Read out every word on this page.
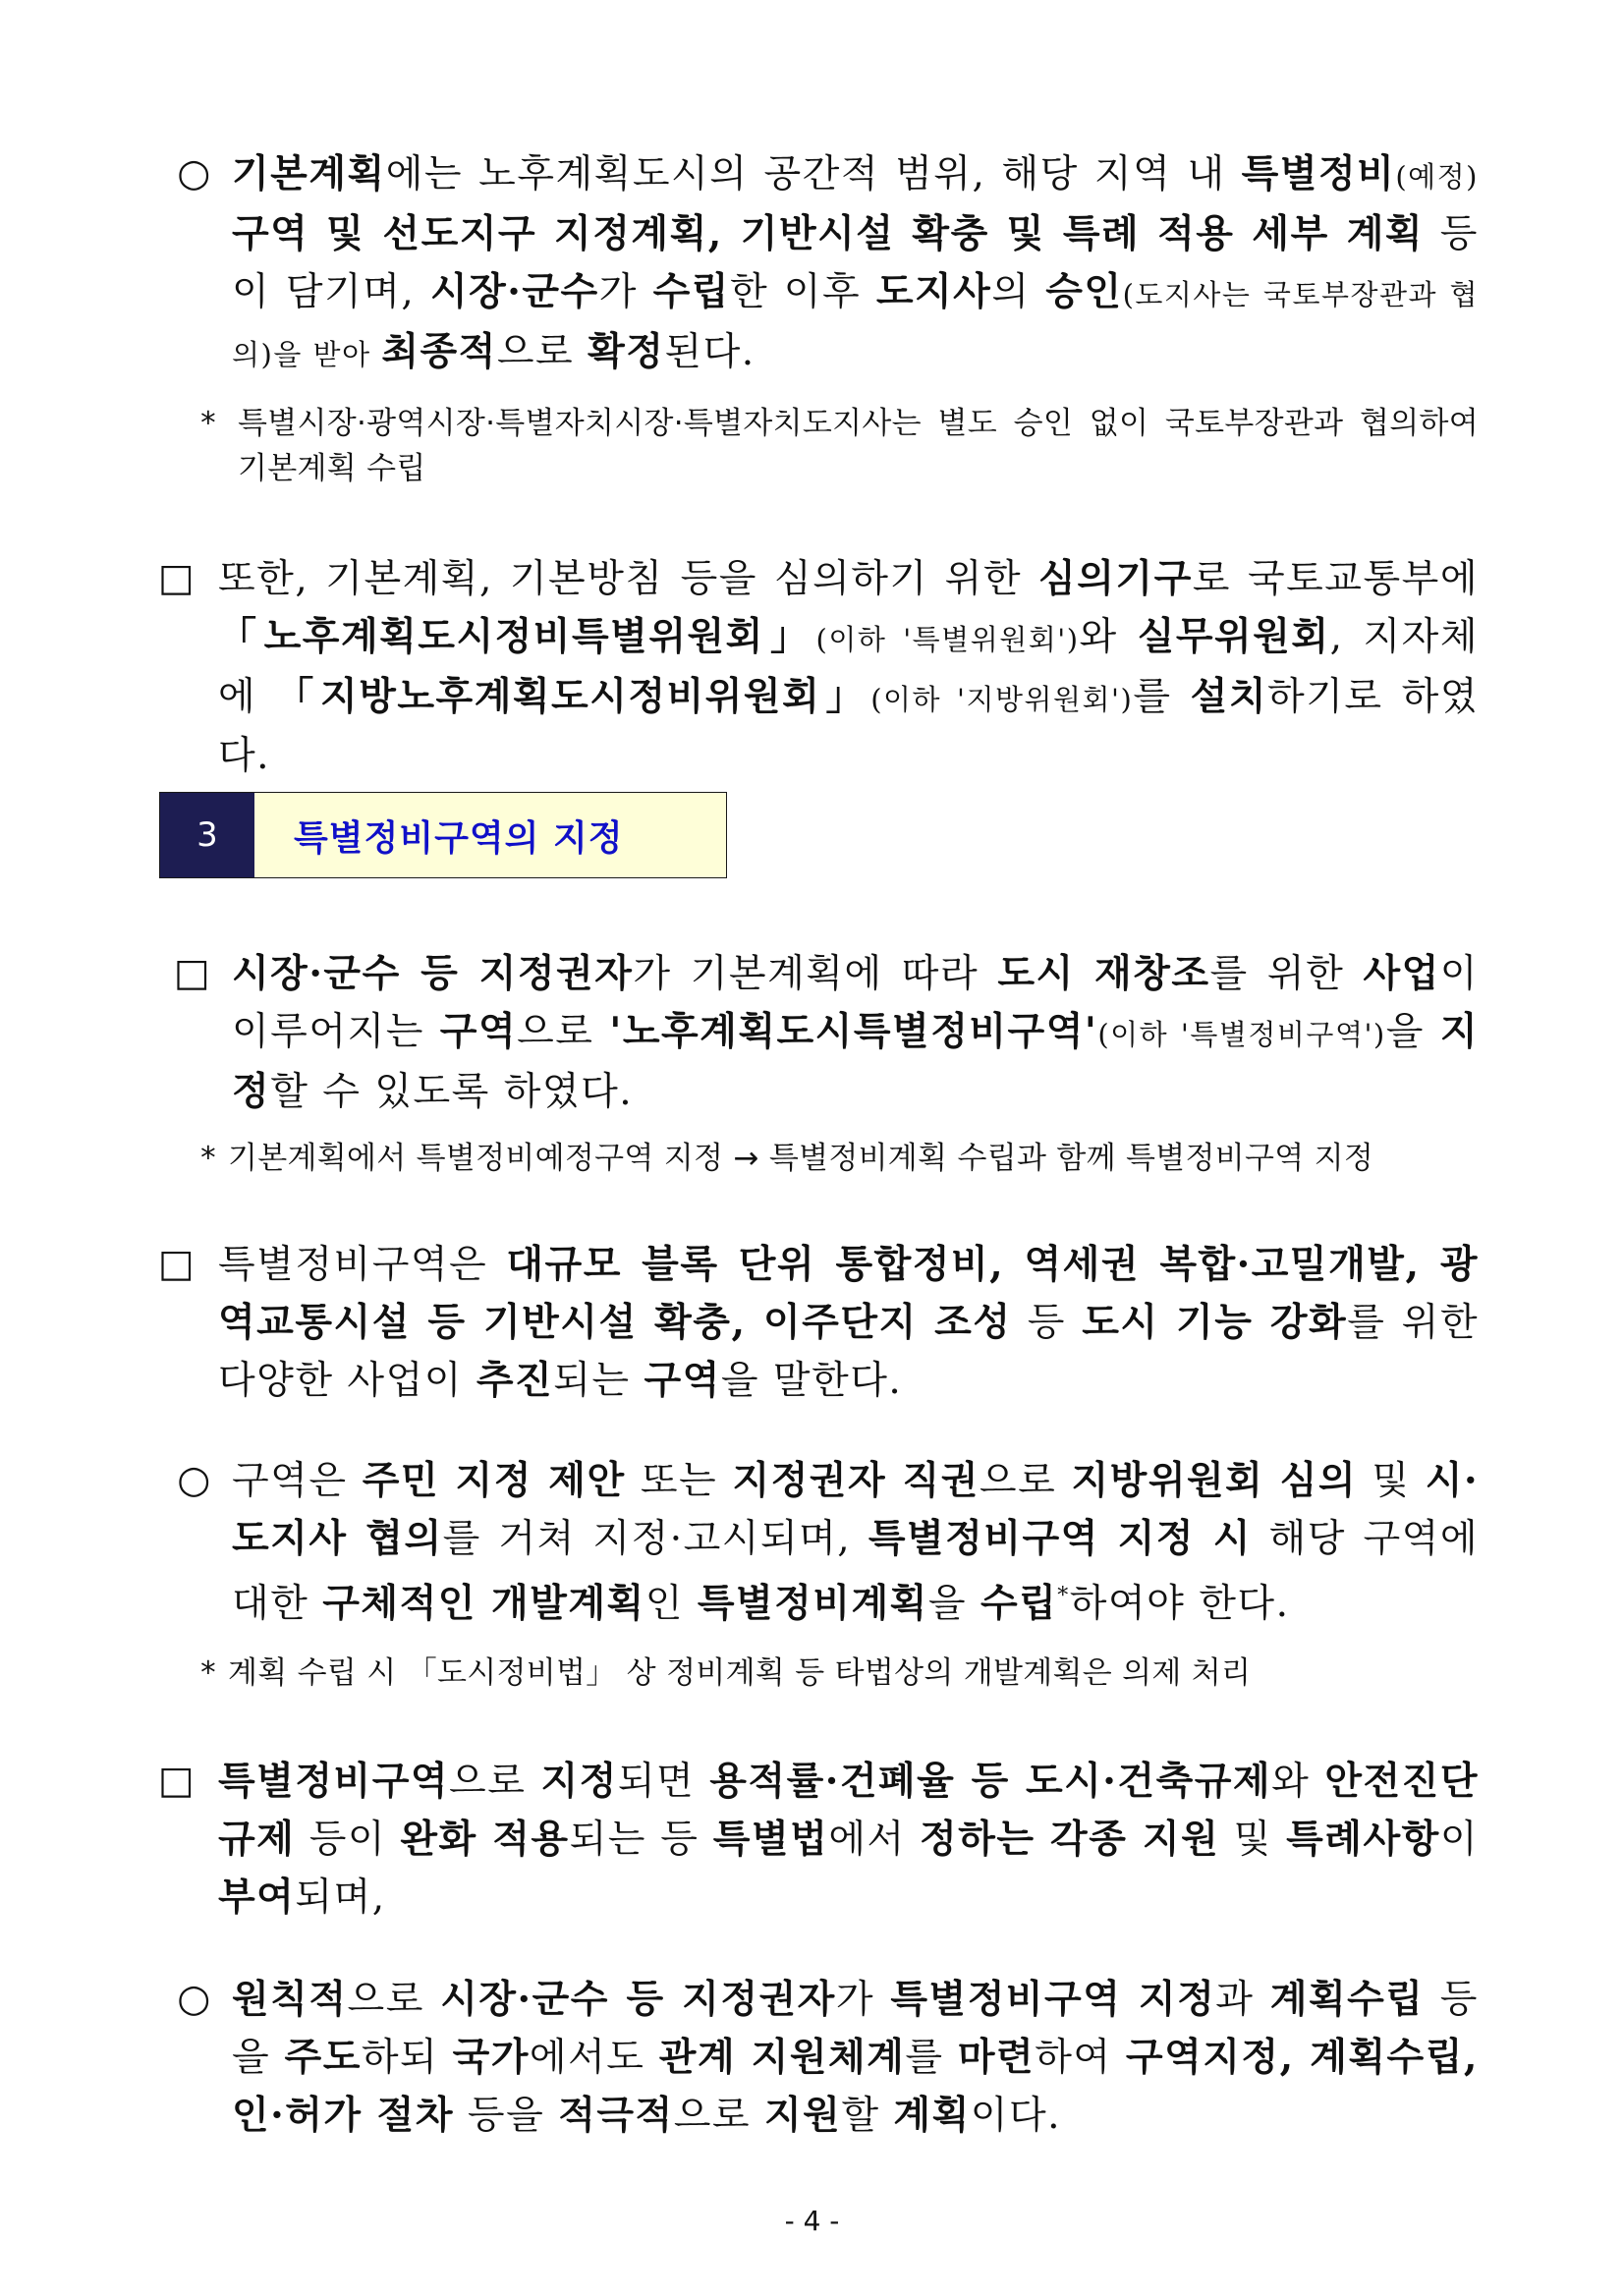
○ 기본계획에는 노후계획도시의 공간적 범위, 해당 지역 내 특별정비(예정)구역 및 선도지구 지정계획, 기반시설 확충 및 특례 적용 세부 계획 등이 담기며, 시장·군수가 수립한 이후 도지사의 승인(도지사는 국토부장관과 협의)을 받아 최종적으로 확정된다.
* 특별시장·광역시장·특별자치시장·특별자치도지사는 별도 승인 없이 국토부장관과 협의하여 기본계획 수립
□ 또한, 기본계획, 기본방침 등을 심의하기 위한 심의기구로 국토교통부에 「노후계획도시정비특별위원회」(이하 '특별위원회')와 실무위원회, 지자체에 「지방노후계획도시정비위원회」(이하 '지방위원회')를 설치하기로 하였다.
3	특별정비구역의 지정
□ 시장·군수 등 지정권자가 기본계획에 따라 도시 재창조를 위한 사업이 이루어지는 구역으로 '노후계획도시특별정비구역'(이하 '특별정비구역')을 지정할 수 있도록 하였다.
* 기본계획에서 특별정비예정구역 지정 → 특별정비계획 수립과 함께 특별정비구역 지정
□ 특별정비구역은 대규모 블록 단위 통합정비, 역세권 복합·고밀개발, 광역교통시설 등 기반시설 확충, 이주단지 조성 등 도시 기능 강화를 위한 다양한 사업이 추진되는 구역을 말한다.
○ 구역은 주민 지정 제안 또는 지정권자 직권으로 지방위원회 심의 및 시·도지사 협의를 거쳐 지정·고시되며, 특별정비구역 지정 시 해당 구역에 대한 구체적인 개발계획인 특별정비계획을 수립*하여야 한다.
* 계획 수립 시 「도시정비법」 상 정비계획 등 타법상의 개발계획은 의제 처리
□ 특별정비구역으로 지정되면 용적률·건폐율 등 도시·건축규제와 안전진단 규제 등이 완화 적용되는 등 특별법에서 정하는 각종 지원 및 특례사항이 부여되며,
○ 원칙적으로 시장·군수 등 지정권자가 특별정비구역 지정과 계획수립 등을 주도하되 국가에서도 관계 지원체계를 마련하여 구역지정, 계획수립, 인·허가 절차 등을 적극적으로 지원할 계획이다.
- 4 -
